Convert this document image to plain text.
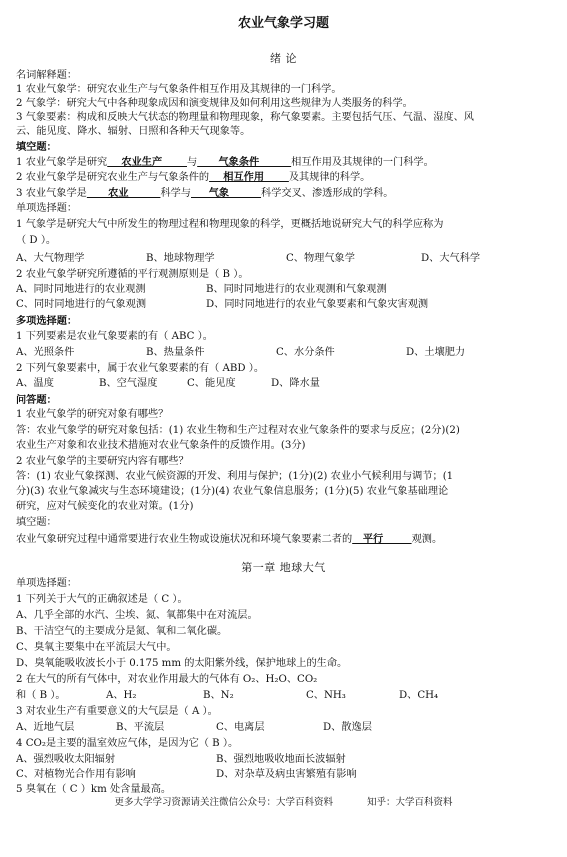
农业气象学习题
绪 论
名词解释题：
1 农业气象学：研究农业生产与气象条件相互作用及其规律的一门科学。
2 气象学：研究大气中各种现象成因和演变规律及如何利用这些规律为人类服务的科学。
3 气象要素：构成和反映大气状态的物理量和物理现象，称气象要素。主要包括气压、气温、湿度、风
云、能见度、降水、辐射、日照和各种天气现象等。
填空题：
1 农业气象学是研究    农业生产       与      气象条件         相互作用及其规律的一门科学。
2 农业气象学是研究农业生产与气象条件的    相互作用       及其规律的科学。
3 农业气象学是      农业         科学与     气象         科学交叉、渗透形成的学科。
单项选择题：
1 气象学是研究大气中所发生的物理过程和物理现象的科学，更概括地说研究大气的科学应称为
（ D ）。
A、大气物理学	B、地球物理学	C、物理气象学	D、大气科学
2 农业气象学研究所遵循的平行观测原则是（ B ）。
A、同时同地进行的农业观测	B、同时同地进行的农业观测和气象观测
C、同时同地进行的气象观测	D、同时同地进行的农业气象要素和气象灾害观测
多项选择题：
1 下列要素是农业气象要素的有（ ABC ）。
A、光照条件	B、热量条件	C、水分条件	D、土壤肥力
2 下列气象要素中，属于农业气象要素的有（ ABD ）。
A、温度	B、空气湿度	C、能见度	D、降水量
问答题：
1 农业气象学的研究对象有哪些？
答：农业气象学的研究对象包括：(1) 农业生物和生产过程对农业气象条件的要求与反应；(2分)(2)
农业生产对象和农业技术措施对农业气象条件的反馈作用。(3分)
2 农业气象学的主要研究内容有哪些？
答：(1) 农业气象探测、农业气候资源的开发、利用与保护；(1分)(2) 农业小气候利用与调节；(1
分)(3) 农业气象减灾与生态环境建设；(1分)(4) 农业气象信息服务；(1分)(5) 农业气象基础理论
研究，应对气候变化的农业对策。(1分)
填空题：
农业气象研究过程中通常要进行农业生物或设施状况和环境气象要素二者的   平行        观测。
第一章 地球大气
单项选择题：
1 下列关于大气的正确叙述是（ C ）。
A、几乎全部的水汽、尘埃、氮、氧都集中在对流层。
B、干洁空气的主要成分是氮、氧和二氧化碳。
C、臭氧主要集中在平流层大气中。
D、臭氧能吸收波长小于 0.175 mm 的太阳紫外线，保护地球上的生命。
2 在大气的所有气体中，对农业作用最大的气体有 O₂、H₂O、CO₂
和（ B ）。	A、H₂	B、N₂	C、NH₃	D、CH₄
3 对农业生产有重要意义的大气层是（ A ）。
A、近地气层	B、平流层	C、电离层	D、散逸层
4 CO₂是主要的温室效应气体，是因为它（ B ）。
A、强烈吸收太阳辐射	B、强烈地吸收地面长波辐射
C、对植物光合作用有影响	D、对杂草及病虫害繁殖有影响
5 臭氧在（ C ）km 处含量最高。
更多大学学习资源请关注微信公众号：大学百科资料	知乎：大学百科资料
